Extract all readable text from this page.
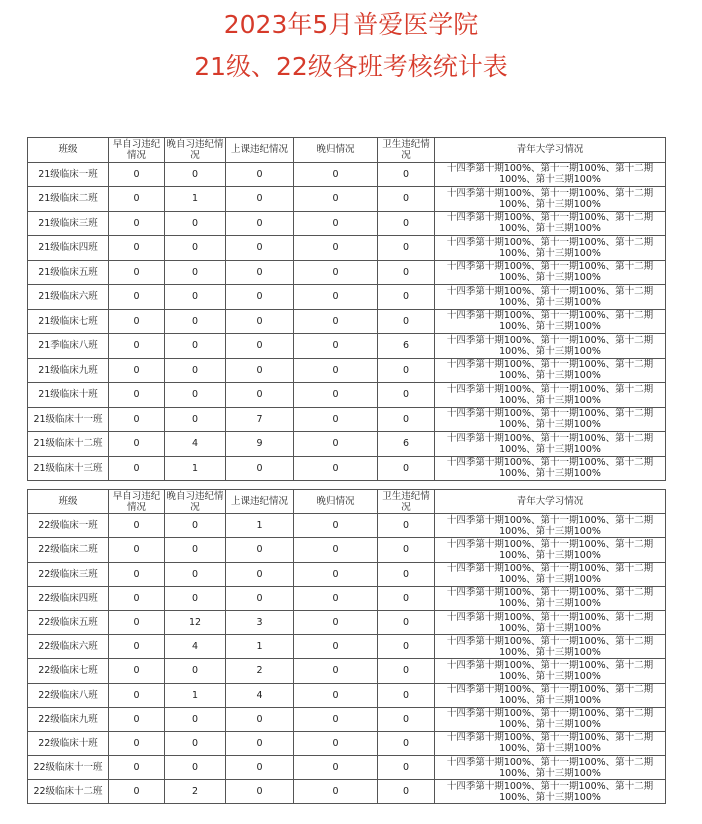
2023年5月普爱医学院
21级、22级各班考核统计表
班级	早自习违纪情况	晚自习违纪情况	上课违纪情况	晚归情况	卫生违纪情况	青年大学习情况
21级临床一班	0	0	0	0	0	十四季第十期100%、第十一期100%、第十二期100%、第十三期100%
21级临床二班	0	1	0	0	0	十四季第十期100%、第十一期100%、第十二期100%、第十三期100%
21级临床三班	0	0	0	0	0	十四季第十期100%、第十一期100%、第十二期100%、第十三期100%
21级临床四班	0	0	0	0	0	十四季第十期100%、第十一期100%、第十二期100%、第十三期100%
21级临床五班	0	0	0	0	0	十四季第十期100%、第十一期100%、第十二期100%、第十三期100%
21级临床六班	0	0	0	0	0	十四季第十期100%、第十一期100%、第十二期100%、第十三期100%
21级临床七班	0	0	0	0	0	十四季第十期100%、第十一期100%、第十二期100%、第十三期100%
21季临床八班	0	0	0	0	6	十四季第十期100%、第十一期100%、第十二期100%、第十三期100%
21级临床九班	0	0	0	0	0	十四季第十期100%、第十一期100%、第十二期100%、第十三期100%
21级临床十班	0	0	0	0	0	十四季第十期100%、第十一期100%、第十二期100%、第十三期100%
21级临床十一班	0	0	7	0	0	十四季第十期100%、第十一期100%、第十二期100%、第十三期100%
21级临床十二班	0	4	9	0	6	十四季第十期100%、第十一期100%、第十二期100%、第十三期100%
21级临床十三班	0	1	0	0	0	十四季第十期100%、第十一期100%、第十二期100%、第十三期100%
班级	早自习违纪情况	晚自习违纪情况	上课违纪情况	晚归情况	卫生违纪情况	青年大学习情况
22级临床一班	0	0	1	0	0	十四季第十期100%、第十一期100%、第十二期100%、第十三期100%
22级临床二班	0	0	0	0	0	十四季第十期100%、第十一期100%、第十二期100%、第十三期100%
22级临床三班	0	0	0	0	0	十四季第十期100%、第十一期100%、第十二期100%、第十三期100%
22级临床四班	0	0	0	0	0	十四季第十期100%、第十一期100%、第十二期100%、第十三期100%
22级临床五班	0	12	3	0	0	十四季第十期100%、第十一期100%、第十二期100%、第十三期100%
22级临床六班	0	4	1	0	0	十四季第十期100%、第十一期100%、第十二期100%、第十三期100%
22级临床七班	0	0	2	0	0	十四季第十期100%、第十一期100%、第十二期100%、第十三期100%
22级临床八班	0	1	4	0	0	十四季第十期100%、第十一期100%、第十二期100%、第十三期100%
22级临床九班	0	0	0	0	0	十四季第十期100%、第十一期100%、第十二期100%、第十三期100%
22级临床十班	0	0	0	0	0	十四季第十期100%、第十一期100%、第十二期100%、第十三期100%
22级临床十一班	0	0	0	0	0	十四季第十期100%、第十一期100%、第十二期100%、第十三期100%
22级临床十二班	0	2	0	0	0	十四季第十期100%、第十一期100%、第十二期100%、第十三期100%
